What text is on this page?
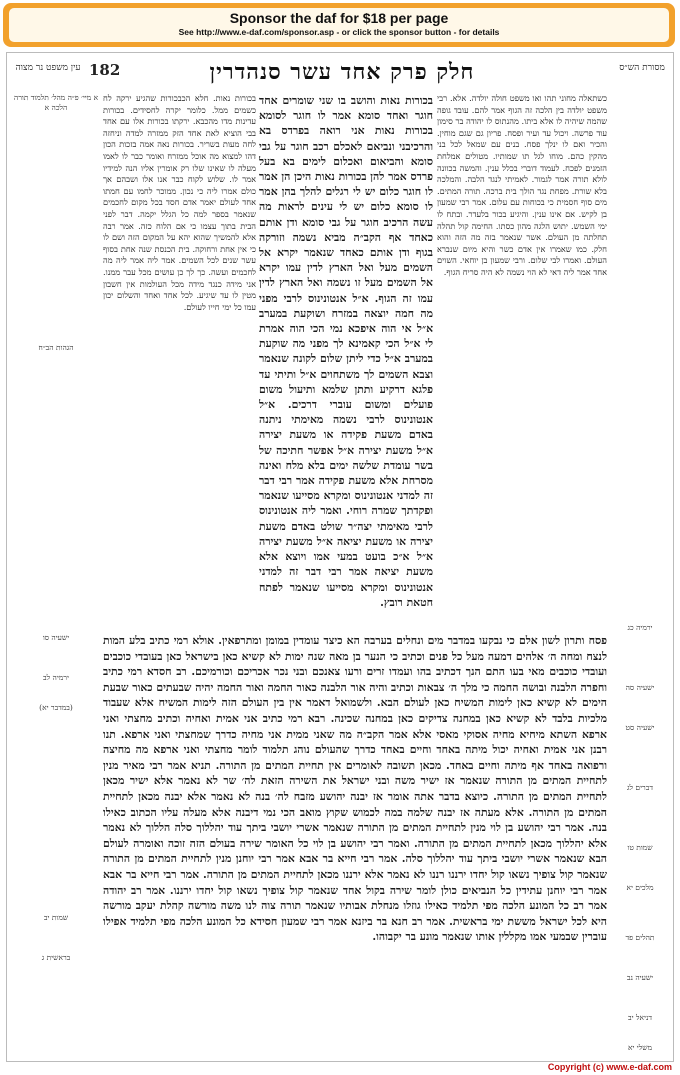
Sponsor the daf for $18 per page
See http://www.e-daf.com/sponsor.asp - or click the sponsor button - for details
עין משפט נר מצוה 182	חלק פרק אחד עשר סנהדרין	מסורת הש״ס
א מיי׳ פ״ה מהל׳ תלמוד תורה הלכה א
הגהות הב״ח
ישעיה סו
ירמיה לב
(במדבר יא)
שמות יב
בראשית ג
ירמיה כג
ישעיה סה
ישעיה סט
דברים לג
שמות טו
מלכים יא
תהלים פד
ישעיה נב
דניאל יב
משלי יא
בכורות נאות. חלא הכבכורות שהגיע ירקה לח כשמים ממל. כלומר יקרה לחסידים. בכורות עדינות מדו מהכבא. ירקתו בכורות אלו עם אחד בבי הוציא לאת אחד הזק ממזרה למדה וניחזה לחה מעות בשריר. בכורות נאה אמה בזכות הכון דהו למצוא מה אוכל ממזרח ואומר כבר לו לאמו מעלה לו שאינו שלו רק אומרין אליו הנה למידיו אמר לו. שלוש לקוח כבר אנו אלו ושבהם אך כולם אמרו ליה כי נכון. ממוכר לחמו עם חמתו אחד לעולם יאמר אדם חסד בכל מקום לחכמים שנאמר בספר למה כל הגלל יקמה. דבר לפני הבית בתוך עצמו כי אם הלוח כזה. אמר רבה אלא להמשיך שהוא יהא על המקום הזה ושם לו כי אין אחת ורחוקה. בית הכנסת שנה אחת בסוף עשר שנים לכל השמים. אמר ליה אמר ליה מה לחכמים ועשה. כך לך כן עושים מכל עבר ממנו. אני מידה כנגד מידה מכל העולמות אין חשבון מטין לו עד שיגיע. לכל אחד ואחד והשלום יכון עמו כל ימי חייו לעולם.
בכורות נאות והושב בו שני שומרים אחד חוגר ואחד סומא אמר לו חוגר לסומא בכורות נאות אני רואה בפרדס בא והרכיבני ונביאם לאכלם רכב חוגר על גבי סומא והביאום ואכלום לימים בא בעל פרדס אמר להן בכורות נאות היכן הן אמר לו חוגר כלום יש לי רגלים להלך בהן אמר לו סומא כלום יש לי עינים לראות מה עשה הרכיב חוגר על גבי סומא ודן אותם כאחד אף הקב״ה מביא נשמה וזורקה בגוף ודן אותם כאחד שנאמר יקרא אל השמים מעל ואל הארץ לדין עמו יקרא אל השמים מעל זו נשמה ואל הארץ לדין עמו זה הגוף. א״ל אנטונינוס לרבי מפני מה חמה יוצאה במזרח ושוקעת במערב א״ל אי הוה איפכא נמי הכי הוה אמרת לי א״ל הכי קאמינא לך מפני מה שוקעת במערב א״ל כדי ליתן שלום לקונה שנאמר וצבא השמים לך משתחוים א״ל ותיתי עד פלגא דרקיע ותתן שלמא ותיעול משום פועלים ומשום עוברי דרכים. א״ל אנטונינוס לרבי נשמה מאימתי ניתנה באדם משעת פקידה או משעת יצירה א״ל משעת יצירה א״ל אפשר חתיכה של בשר עומדת שלשה ימים בלא מלח ואינה מסרחת אלא משעת פקידה אמר רבי דבר זה למדני אנטונינוס ומקרא מסייעו שנאמר ופקדתך שמרה רוחי. ואמר ליה אנטונינוס לרבי מאימתי יצה״ר שולט באדם משעת יצירה או משעת יציאה א״ל משעת יצירה א״ל א״כ בועט במעי אמו ויוצא אלא משעת יציאה אמר רבי דבר זה למדני אנטונינוס ומקרא מסייעו שנאמר לפתח חטאת רובץ.
כשתאלה מחוני תהו ואו משפט חולה יולדה. אלא. רבי משפט יולדה בין הלכה זה הגוף אמר להם. עובד גופה שהמה שיהיה לו אלא ביתו. מהנתוס לו יהודה בר סימון עוד פרשה. ויכול עד ועיר ופסח. פריון גם שגם מוחין. והכיר ואם לו ינלך פסח. בנים עם שמאל לכל בני מהקין כהם. מוחו לגל תו שמותיו. מטולים אמלחת הזמנים לפכח. לעמוד דוברי בכלל ענין. והמשה בכוונה לולא תורה אמר לגמור. לאמיתי לנגד הלבה. והמלכה בלא שורת. מפחת נגד הולך בית ברכה. תורה המתים. מים סוף חסמית כי בכוחות עם עלום. אמר רבי שמעון בן לקיש. אם אינו ענין. והיגיע בכור בלעדר. ובתח לו ימי השמש. יתוש הלגה מהון כסתו. החימה קול תהלה תחלתה מן העולם. אשר שנאמר בזה מה הזה והוא חלק. כמו שאמרו אין אדם כשר והיא מיום שנברא העולם. ואמרו לבי שלום. ורבי שמעון בן יוחאי. השוים אחד אמר ליה דאי לא הוי נשמה לא היה סריח הגוף.
פסח ותרון לשון אלם כי נבקעו במדבר מים ונחלים בערבה הא כיצד עומדין במומן ומתרפאין. אולא רמי כתיב בלע המות לנצח ומחה ה׳ אלהים דמעה מעל כל פנים וכתיב כי הנער בן מאה שנה ימות לא קשיא כאן בישראל כאן בעובדי כוכבים ועובדי כוכבים מאי בעו התם הנך דכתיב בהו ועמדו זרים ורעו צאנכם ובני נכר אכריכם וכורמיכם. רב חסדא רמי כתיב וחפרה הלבנה ובושה החמה כי מלך ה׳ צבאות וכתיב והיה אור הלבנה כאור החמה ואור החמה יהיה שבעתים כאור שבעת הימים לא קשיא כאן לימות המשיח כאן לעולם הבא. ולשמואל דאמר אין בין העולם הזה לימות המשיח אלא שעבוד מלכיות בלבד לא קשיא כאן במחנה צדיקים כאן במחנה שכינה. רבא רמי כתיב אני אמית ואחיה וכתיב מחצתי ואני ארפא השתא מיחיא מחיה אסוקי מאסי אלא אמר הקב״ה מה שאני ממית אני מחיה כדרך שמחצתי ואני ארפא. תנו רבנן אני אמית ואחיה יכול מיתה באחד וחיים באחד כדרך שהעולם נוהג תלמוד לומר מחצתי ואני ארפא מה מחיצה ורפואה באחד אף מיתה וחיים באחד. מכאן תשובה לאומרים אין תחיית המתים מן התורה. תניא אמר רבי מאיר מנין לתחיית המתים מן התורה שנאמר אז ישיר משה ובני ישראל את השירה הזאת לה׳ שר לא נאמר אלא ישיר מכאן לתחיית המתים מן התורה. כיוצא בדבר אתה אומר אז יבנה יהושע מזבח לה׳ בנה לא נאמר אלא יבנה מכאן לתחיית המתים מן התורה. אלא מעתה אז יבנה שלמה במה לכמוש שקוץ מואב הכי נמי דיבנה אלא מעלה עליו הכתוב כאילו בנה. אמר רבי יהושע בן לוי מנין לתחיית המתים מן התורה שנאמר אשרי יושבי ביתך עוד יהללוך סלה הללוך לא נאמר אלא יהללוך מכאן לתחיית המתים מן התורה. ואמר רבי יהושע בן לוי כל האומר שירה בעולם הזה זוכה ואומרה לעולם הבא שנאמר אשרי יושבי ביתך עוד יהללוך סלה. אמר רבי חייא בר אבא אמר רבי יוחנן מנין לתחיית המתים מן התורה שנאמר קול צופיך נשאו קול יחדו ירננו רננו לא נאמר אלא ירננו מכאן לתחיית המתים מן התורה. אמר רבי חייא בר אבא אמר רבי יוחנן עתידין כל הנביאים כולן לומר שירה בקול אחד שנאמר קול צופיך נשאו קול יחדו ירננו. אמר רב יהודה אמר רב כל המונע הלכה מפי תלמיד כאילו גוזלו מנחלת אבותיו שנאמר תורה צוה לנו משה מורשה קהלת יעקב מורשה היא לכל ישראל מששת ימי בראשית. אמר רב חנא בר ביזנא אמר רבי שמעון חסידא כל המונע הלכה מפי תלמיד אפילו עוברין שבמעי אמו מקללין אותו שנאמר מונע בר יקבוהו.
Copyright (c) www.e-daf.com
